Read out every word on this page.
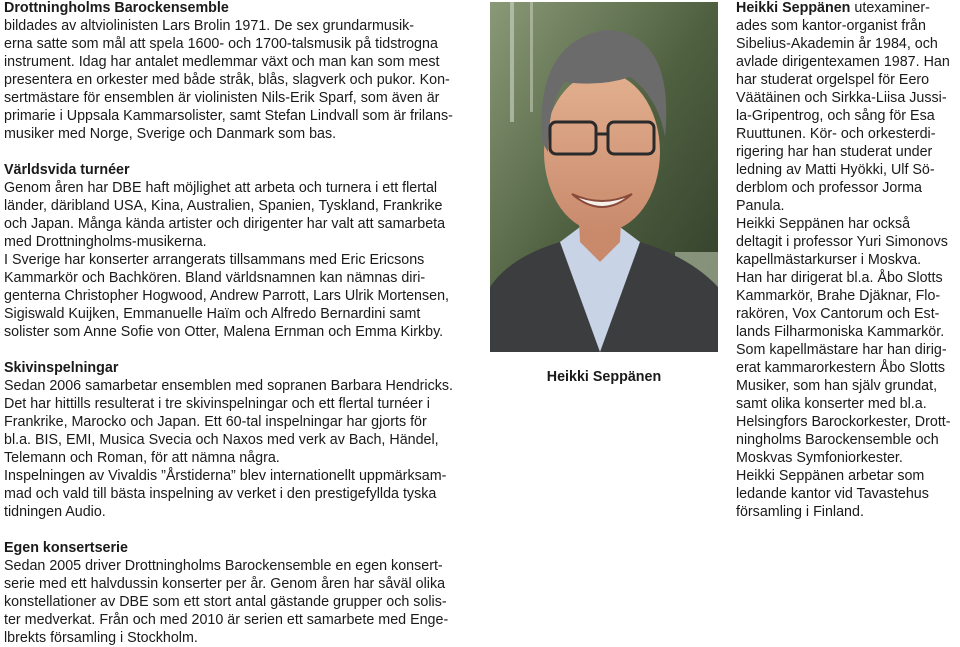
Drottningholms Barockensemble

bildades av altviolinisten Lars Brolin 1971. De sex grundarmusik-

erna satte som mål att spela 1600- och 1700-talsmusik på tidstrogna

instrument. Idag har antalet medlemmar växt och man kan som mest

presentera en orkester med både stråk, blås, slagverk och pukor. Kon-

sertmästare för ensemblen är violinisten Nils-Erik Sparf, som även är

primarie i Uppsala Kammarsolister, samt Stefan Lindvall som är frilans-

musiker med Norge, Sverige och Danmark som bas.

Världsvida turnéer

Genom åren har DBE haft möjlighet att arbeta och turnera i ett flertal

länder, däribland USA, Kina, Australien, Spanien, Tyskland, Frankrike

och Japan. Många kända artister och dirigenter har valt att samarbeta

med Drottningholms-musikerna.

I Sverige har konserter arrangerats tillsammans med Eric Ericsons

Kammarkör och Bachkören. Bland världsnamnen kan nämnas diri-

genterna Christopher Hogwood, Andrew Parrott, Lars Ulrik Mortensen,

Sigiswald Kuijken, Emmanuelle Haïm och Alfredo Bernardini samt

solister som Anne Sofie von Otter, Malena Ernman och Emma Kirkby.

Skivinspelningar

Sedan 2006 samarbetar ensemblen med sopranen Barbara Hendricks.

Det har hittills resulterat i tre skivinspelningar och ett flertal turnéer i

Frankrike, Marocko och Japan. Ett 60-tal inspelningar har gjorts för

bl.a. BIS, EMI, Musica Svecia och Naxos med verk av Bach, Händel,

Telemann och Roman, för att nämna några.

Inspelningen av Vivaldis ”Årstiderna” blev internationellt uppmärksam-

mad och vald till bästa inspelning av verket i den prestigefyllda tyska

tidningen Audio.

Egen konsertserie

Sedan 2005 driver Drottningholms Barockensemble en egen konsert-

serie med ett halvdussin konserter per år. Genom åren har såväl olika

konstellationer av DBE som ett stort antal gästande grupper och solis-

ter medverkat. Från och med 2010 är serien ett samarbete med Enge-

lbrekts församling i Stockholm.

Heikki Seppänen

Heikki Seppänen utexaminer-

ades som kantor-organist från

Sibelius-Akademin år 1984, och

avlade dirigentexamen 1987. Han

har studerat orgelspel för Eero

Väätäinen och Sirkka-Liisa Jussi-

la-Gripentrog, och sång för Esa

Ruuttunen. Kör- och orkesterdi-

rigering har han studerat under

ledning av Matti Hyökki, Ulf Sö-

derblom och professor Jorma

Panula.

Heikki Seppänen har också

deltagit i professor Yuri Simonovs

kapellmästarkurser i Moskva.

Han har dirigerat bl.a. Åbo Slotts

Kammarkör, Brahe Djäknar, Flo-

rakören, Vox Cantorum och Est-

lands Filharmoniska Kammarkör.

Som kapellmästare har han dirig-

erat kammarorkestern Åbo Slotts

Musiker, som han själv grundat,

samt olika konserter med bl.a.

Helsingfors Barockorkester, Drott-

ningholms Barockensemble och

Moskvas Symfoniorkester.

Heikki Seppänen arbetar som

ledande kantor vid Tavastehus

församling i Finland.
